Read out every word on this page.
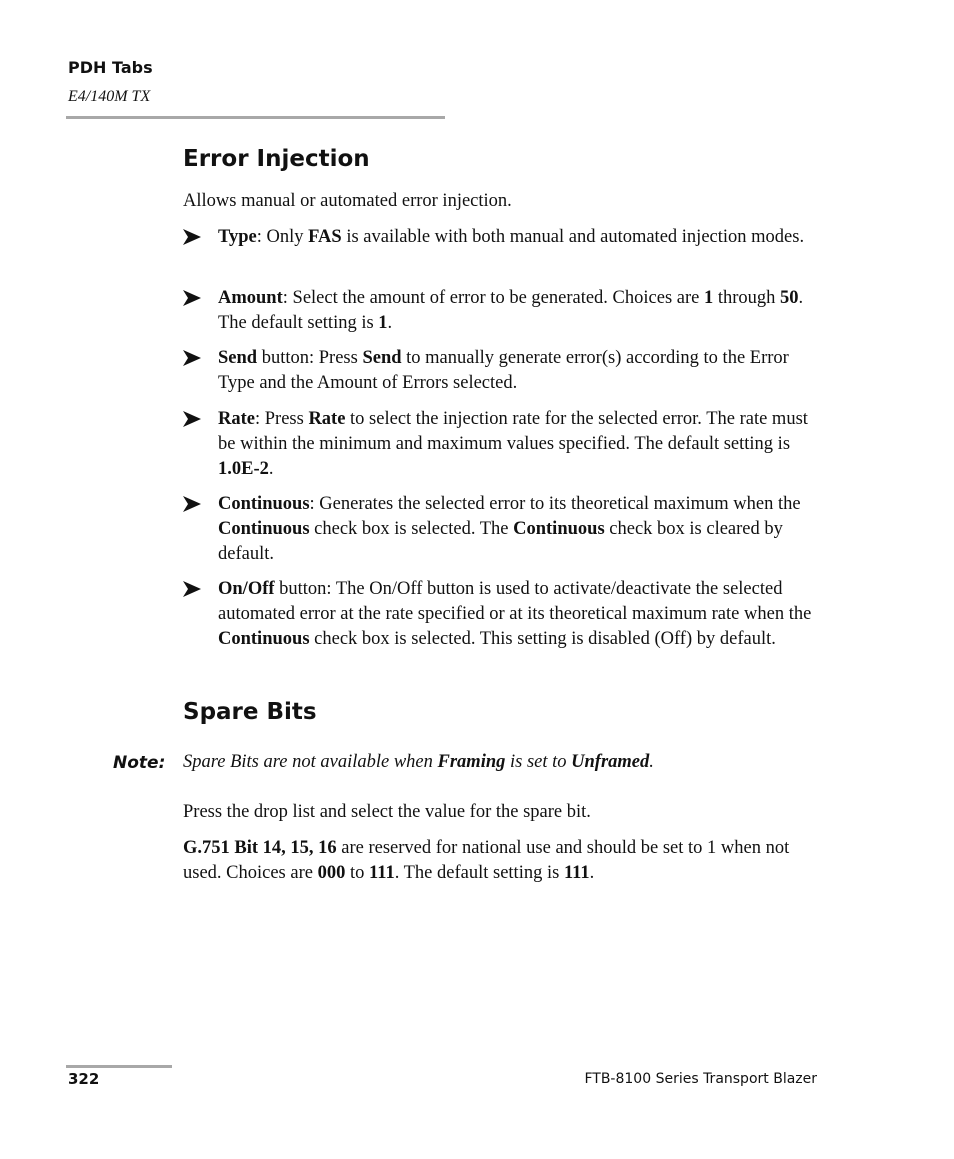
PDH Tabs
E4/140M TX
Error Injection

Allows manual or automated error injection.

Type: Only FAS is available with both manual and automated injection modes.
Amount: Select the amount of error to be generated. Choices are 1 through 50. The default setting is 1.
Send button: Press Send to manually generate error(s) according to the Error Type and the Amount of Errors selected.
Rate: Press Rate to select the injection rate for the selected error. The rate must be within the minimum and maximum values specified. The default setting is 1.0E-2.
Continuous: Generates the selected error to its theoretical maximum when the Continuous check box is selected. The Continuous check box is cleared by default.
On/Off button: The On/Off button is used to activate/deactivate the selected automated error at the rate specified or at its theoretical maximum rate when the Continuous check box is selected. This setting is disabled (Off) by default.
Spare Bits
Note: Spare Bits are not available when Framing is set to Unframed.

Press the drop list and select the value for the spare bit.

G.751 Bit 14, 15, 16 are reserved for national use and should be set to 1 when not used. Choices are 000 to 111. The default setting is 111.

322	FTB-8100 Series Transport Blazer
